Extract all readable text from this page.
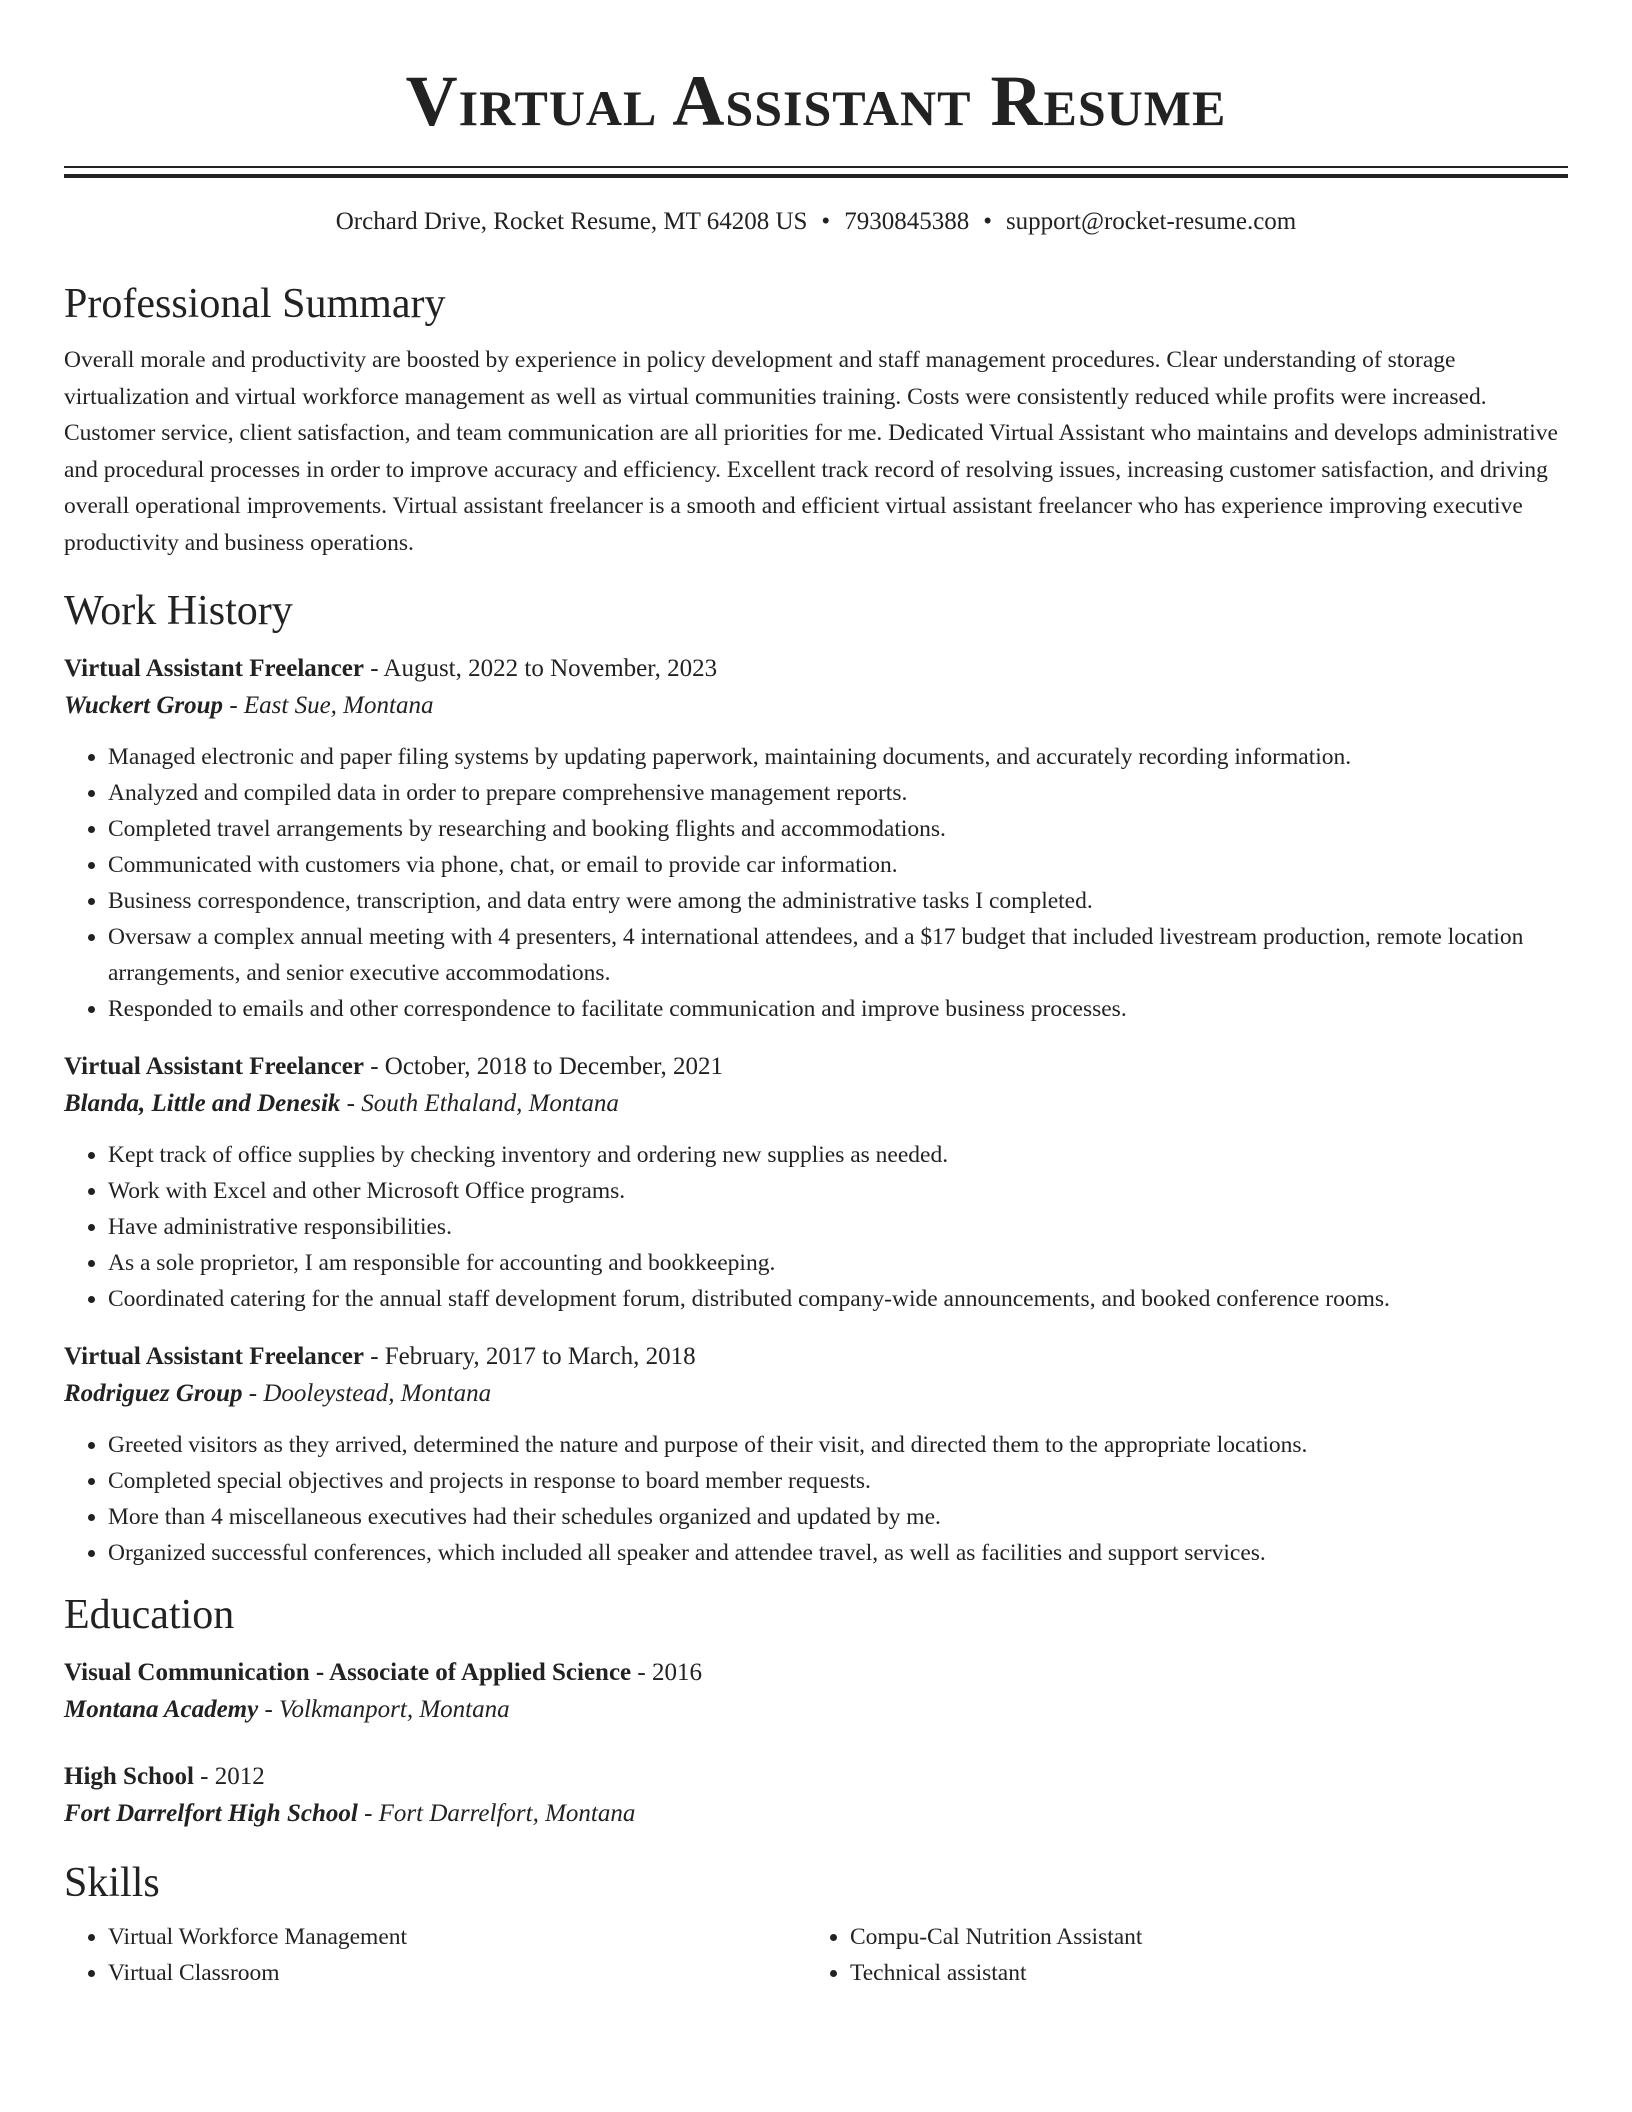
Virtual Assistant Resume
Orchard Drive, Rocket Resume, MT 64208 US • 7930845388 • support@rocket-resume.com
Professional Summary

Overall morale and productivity are boosted by experience in policy development and staff management procedures. Clear understanding of storage virtualization and virtual workforce management as well as virtual communities training. Costs were consistently reduced while profits were increased. Customer service, client satisfaction, and team communication are all priorities for me. Dedicated Virtual Assistant who maintains and develops administrative and procedural processes in order to improve accuracy and efficiency. Excellent track record of resolving issues, increasing customer satisfaction, and driving overall operational improvements. Virtual assistant freelancer is a smooth and efficient virtual assistant freelancer who has experience improving executive productivity and business operations.

Work History
Virtual Assistant Freelancer - August, 2022 to November, 2023
Wuckert Group - East Sue, Montana
• Managed electronic and paper filing systems by updating paperwork, maintaining documents, and accurately recording information.
• Analyzed and compiled data in order to prepare comprehensive management reports.
• Completed travel arrangements by researching and booking flights and accommodations.
• Communicated with customers via phone, chat, or email to provide car information.
• Business correspondence, transcription, and data entry were among the administrative tasks I completed.
• Oversaw a complex annual meeting with 4 presenters, 4 international attendees, and a $17 budget that included livestream production, remote location arrangements, and senior executive accommodations.
• Responded to emails and other correspondence to facilitate communication and improve business processes.
Virtual Assistant Freelancer - October, 2018 to December, 2021
Blanda, Little and Denesik - South Ethaland, Montana
• Kept track of office supplies by checking inventory and ordering new supplies as needed.
• Work with Excel and other Microsoft Office programs.
• Have administrative responsibilities.
• As a sole proprietor, I am responsible for accounting and bookkeeping.
• Coordinated catering for the annual staff development forum, distributed company-wide announcements, and booked conference rooms.
Virtual Assistant Freelancer - February, 2017 to March, 2018
Rodriguez Group - Dooleystead, Montana
• Greeted visitors as they arrived, determined the nature and purpose of their visit, and directed them to the appropriate locations.
• Completed special objectives and projects in response to board member requests.
• More than 4 miscellaneous executives had their schedules organized and updated by me.
• Organized successful conferences, which included all speaker and attendee travel, as well as facilities and support services.
Education
Visual Communication - Associate of Applied Science - 2016
Montana Academy - Volkmanport, Montana
High School - 2012
Fort Darrelfort High School - Fort Darrelfort, Montana
Skills
• Virtual Workforce Management
• Virtual Classroom
• Compu-Cal Nutrition Assistant
• Technical assistant
